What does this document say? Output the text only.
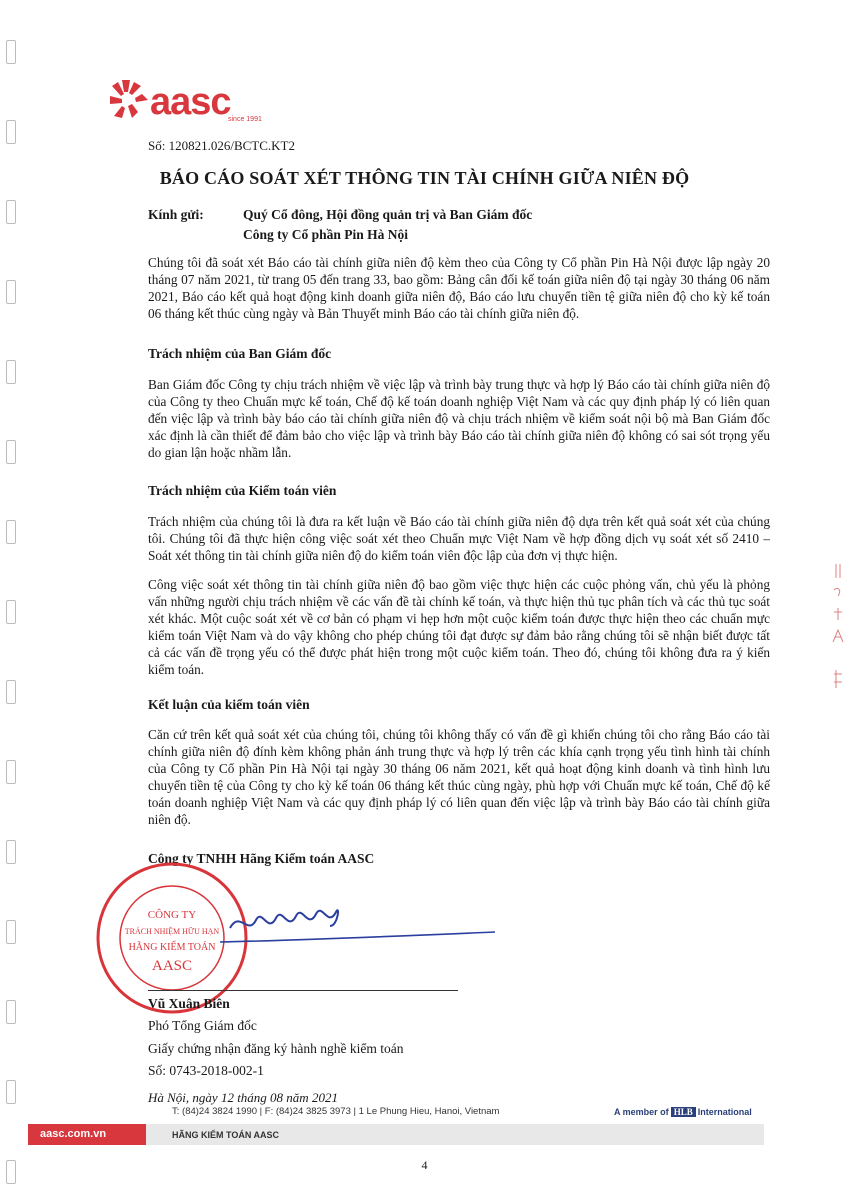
aasc
since 1991
Số: 120821.026/BCTC.KT2
BÁO CÁO SOÁT XÉT THÔNG TIN TÀI CHÍNH GIỮA NIÊN ĐỘ
Kính gửi:	Quý Cổ đông, Hội đồng quản trị và Ban Giám đốc
Công ty Cổ phần Pin Hà Nội

Chúng tôi đã soát xét Báo cáo tài chính giữa niên độ kèm theo của Công ty Cổ phần Pin Hà Nội được lập ngày 20 tháng 07 năm 2021, từ trang 05 đến trang 33, bao gồm: Bảng cân đối kế toán giữa niên độ tại ngày 30 tháng 06 năm 2021, Báo cáo kết quả hoạt động kinh doanh giữa niên độ, Báo cáo lưu chuyển tiền tệ giữa niên độ cho kỳ kế toán 06 tháng kết thúc cùng ngày và Bản Thuyết minh Báo cáo tài chính giữa niên độ.

Trách nhiệm của Ban Giám đốc

Ban Giám đốc Công ty chịu trách nhiệm về việc lập và trình bày trung thực và hợp lý Báo cáo tài chính giữa niên độ của Công ty theo Chuẩn mực kế toán, Chế độ kế toán doanh nghiệp Việt Nam và các quy định pháp lý có liên quan đến việc lập và trình bày báo cáo tài chính giữa niên độ và chịu trách nhiệm về kiểm soát nội bộ mà Ban Giám đốc xác định là cần thiết để đảm bảo cho việc lập và trình bày Báo cáo tài chính giữa niên độ không có sai sót trọng yếu do gian lận hoặc nhầm lẫn.

Trách nhiệm của Kiểm toán viên

Trách nhiệm của chúng tôi là đưa ra kết luận về Báo cáo tài chính giữa niên độ dựa trên kết quả soát xét của chúng tôi. Chúng tôi đã thực hiện công việc soát xét theo Chuẩn mực Việt Nam về hợp đồng dịch vụ soát xét số 2410 – Soát xét thông tin tài chính giữa niên độ do kiểm toán viên độc lập của đơn vị thực hiện.

Công việc soát xét thông tin tài chính giữa niên độ bao gồm việc thực hiện các cuộc phỏng vấn, chủ yếu là phỏng vấn những người chịu trách nhiệm về các vấn đề tài chính kế toán, và thực hiện thủ tục phân tích và các thủ tục soát xét khác. Một cuộc soát xét về cơ bản có phạm vi hẹp hơn một cuộc kiểm toán được thực hiện theo các chuẩn mực kiểm toán Việt Nam và do vậy không cho phép chúng tôi đạt được sự đảm bảo rằng chúng tôi sẽ nhận biết được tất cả các vấn đề trọng yếu có thể được phát hiện trong một cuộc kiểm toán. Theo đó, chúng tôi không đưa ra ý kiến kiểm toán.

Kết luận của kiểm toán viên

Căn cứ trên kết quả soát xét của chúng tôi, chúng tôi không thấy có vấn đề gì khiến chúng tôi cho rằng Báo cáo tài chính giữa niên độ đính kèm không phản ánh trung thực và hợp lý trên các khía cạnh trọng yếu tình hình tài chính của Công ty Cổ phần Pin Hà Nội tại ngày 30 tháng 06 năm 2021, kết quả hoạt động kinh doanh và tình hình lưu chuyển tiền tệ của Công ty cho kỳ kế toán 06 tháng kết thúc cùng ngày, phù hợp với Chuẩn mực kế toán, Chế độ kế toán doanh nghiệp Việt Nam và các quy định pháp lý có liên quan đến việc lập và trình bày Báo cáo tài chính giữa niên độ.

Công ty TNHH Hãng Kiểm toán AASC
CÔNG TY
TRÁCH NHIỆM HỮU HẠN
HÃNG KIỂM TOÁN
AASC
Vũ Xuân Biên
Phó Tổng Giám đốc
Giấy chứng nhận đăng ký hành nghề kiểm toán
Số: 0743-2018-002-1
Hà Nội, ngày 12 tháng 08 năm 2021
T: (84)24 3824 1990 | F: (84)24 3825 3973 | 1 Le Phung Hieu, Hanoi, Vietnam	A member of HLB International
aasc.com.vn	HÃNG KIỂM TOÁN AASC
4
